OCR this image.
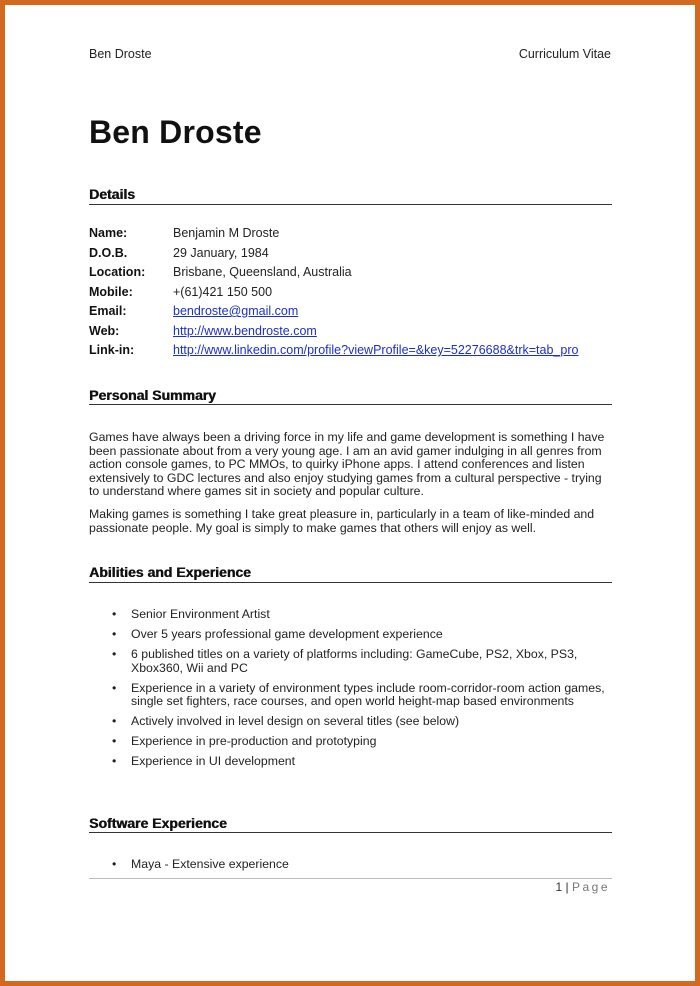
Ben Droste	Curriculum Vitae
Ben Droste
Details
Name:	Benjamin M Droste
D.O.B.	29 January, 1984
Location: Brisbane, Queensland, Australia
Mobile:	+(61)421 150 500
Email:	bendroste@gmail.com
Web:	http://www.bendroste.com
Link-in:	http://www.linkedin.com/profile?viewProfile=&key=52276688&trk=tab_pro
Personal Summary

Games have always been a driving force in my life and game development is something I have been passionate about from a very young age. I am an avid gamer indulging in all genres from action console games, to PC MMOs, to quirky iPhone apps. I attend conferences and listen extensively to GDC lectures and also enjoy studying games from a cultural perspective - trying to understand where games sit in society and popular culture.

Making games is something I take great pleasure in, particularly in a team of like-minded and passionate people. My goal is simply to make games that others will enjoy as well.

Abilities and Experience
• Senior Environment Artist
• Over 5 years professional game development experience
• 6 published titles on a variety of platforms including: GameCube, PS2, Xbox, PS3, Xbox360, Wii and PC
• Experience in a variety of environment types include room-corridor-room action games, single set fighters, race courses, and open world height-map based environments
• Actively involved in level design on several titles (see below)
• Experience in pre-production and prototyping
• Experience in UI development
Software Experience
• Maya - Extensive experience
1 | Page
